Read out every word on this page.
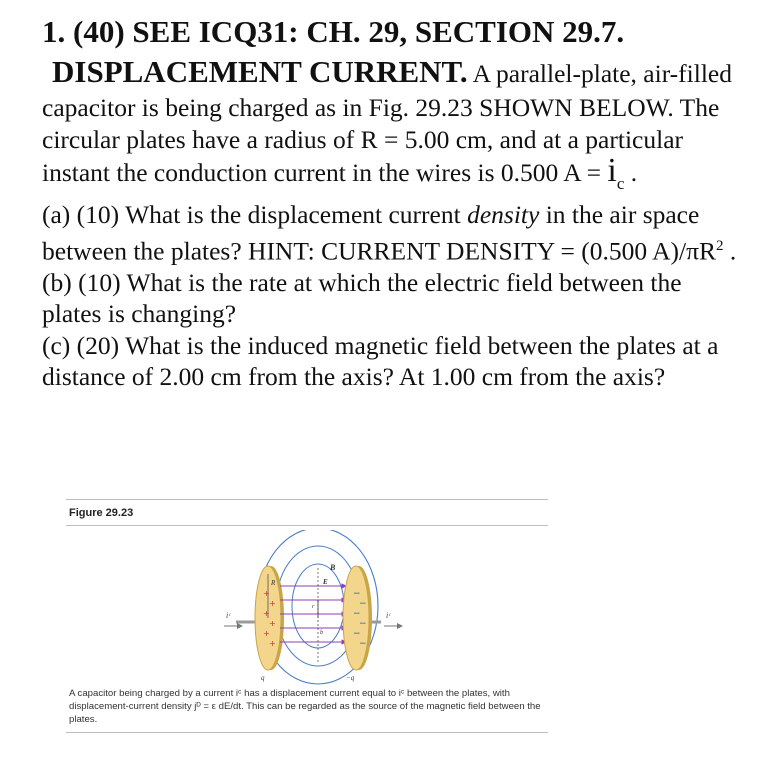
1. (40) SEE ICQ31: CH. 29, SECTION 29.7.
DISPLACEMENT CURRENT. A parallel-plate, air-filled capacitor is being charged as in Fig. 29.23 SHOWN BELOW. The circular plates have a radius of R = 5.00 cm, and at a particular instant the conduction current in the wires is 0.500 $A = i_c$ .

(a) (10) What is the displacement current density in the air space between the plates? HINT: CURRENT DENSITY = (0.500 $A)/\pi R^2$ .

(b) (10) What is the rate at which the electric field between the plates is changing?

(c) (20) What is the induced magnetic field between the plates at a distance of 2.00 cm from the axis? At 1.00 cm from the axis?

Figure 29.23
iᶜ	iᶜ
+
+
+
+
+
+
R
r
b
−
−
−
−
−
−
B
E
q	−q
A capacitor being charged by a current iᶜ has a displacement current equal to iᶜ between the plates, with displacement-current density jᴰ = ε dE/dt. This can be regarded as the source of the magnetic field between the plates.
